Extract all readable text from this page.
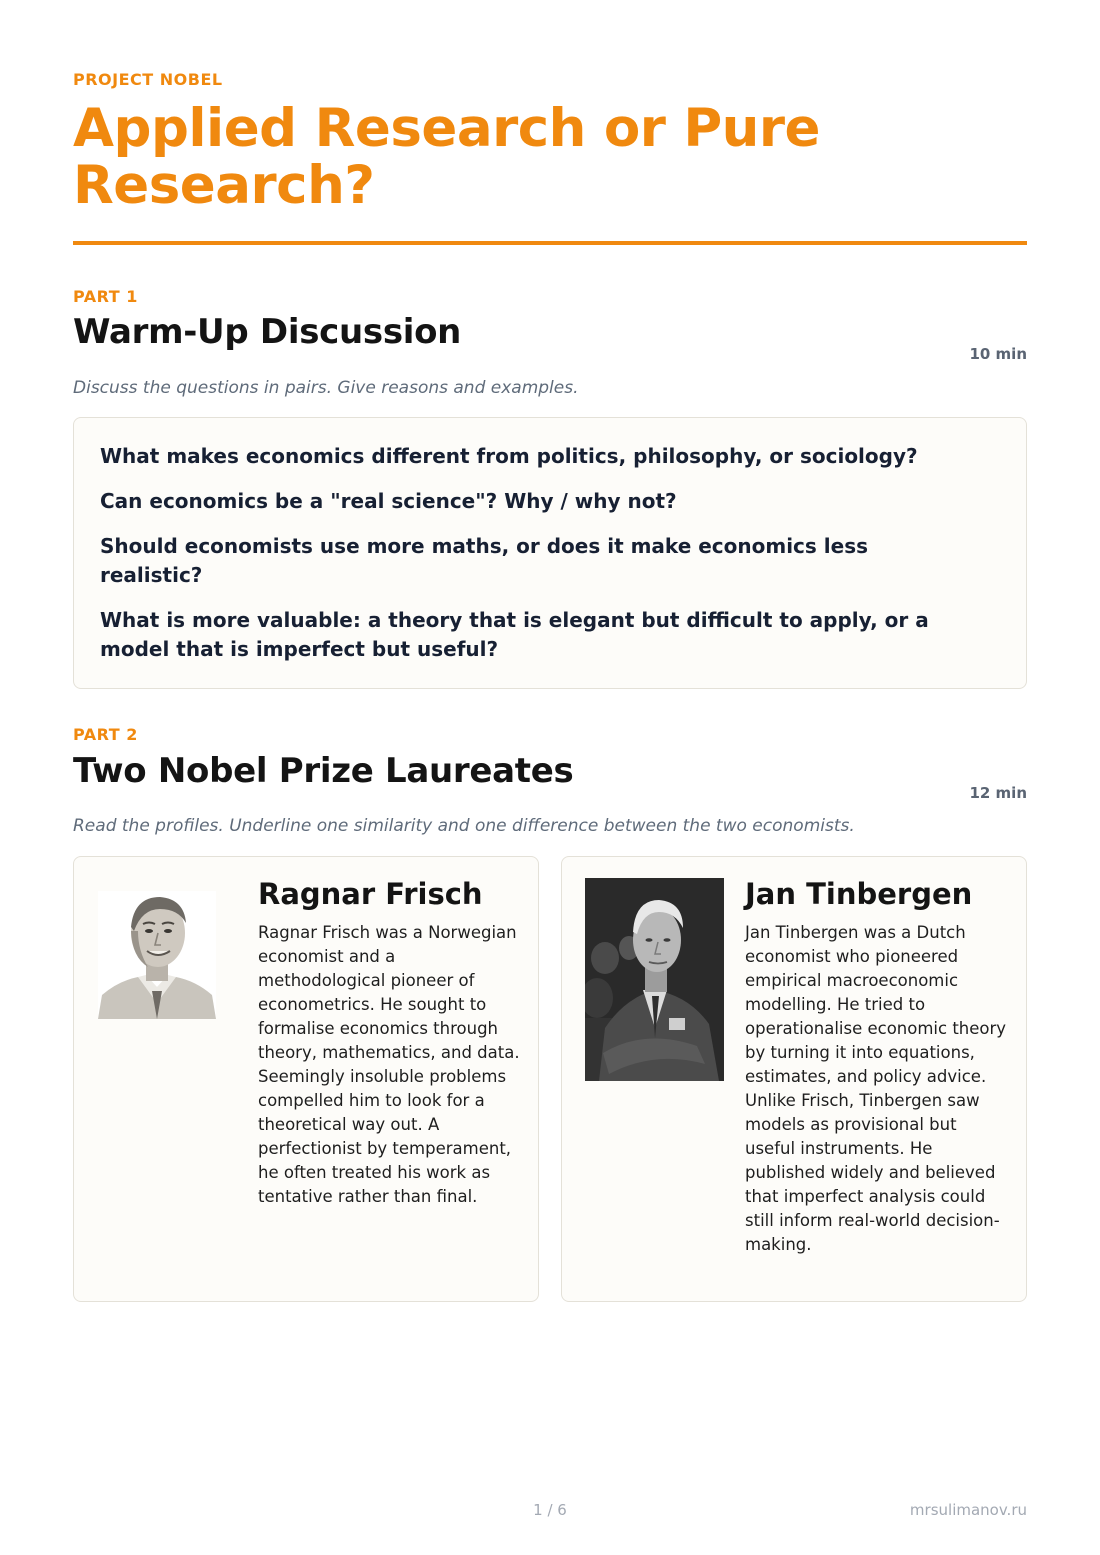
PROJECT NOBEL
Applied Research or Pure Research?
PART 1
Warm-Up Discussion
10 min
Discuss the questions in pairs. Give reasons and examples.

What makes economics different from politics, philosophy, or sociology?

Can economics be a "real science"? Why / why not?

Should economists use more maths, or does it make economics less realistic?

What is more valuable: a theory that is elegant but difficult to apply, or a model that is imperfect but useful?

PART 2
Two Nobel Prize Laureates
12 min
Read the profiles. Underline one similarity and one difference between the two economists.
Ragnar Frisch

Ragnar Frisch was a Norwegian economist and a methodological pioneer of econometrics. He sought to formalise economics through theory, mathematics, and data. Seemingly insoluble problems compelled him to look for a theoretical way out. A perfectionist by temperament, he often treated his work as tentative rather than final.

Jan Tinbergen

Jan Tinbergen was a Dutch economist who pioneered empirical macroeconomic modelling. He tried to operationalise economic theory by turning it into equations, estimates, and policy advice. Unlike Frisch, Tinbergen saw models as provisional but useful instruments. He published widely and believed that imperfect analysis could still inform real-world decision-making.

1 / 6	mrsulimanov.ru
